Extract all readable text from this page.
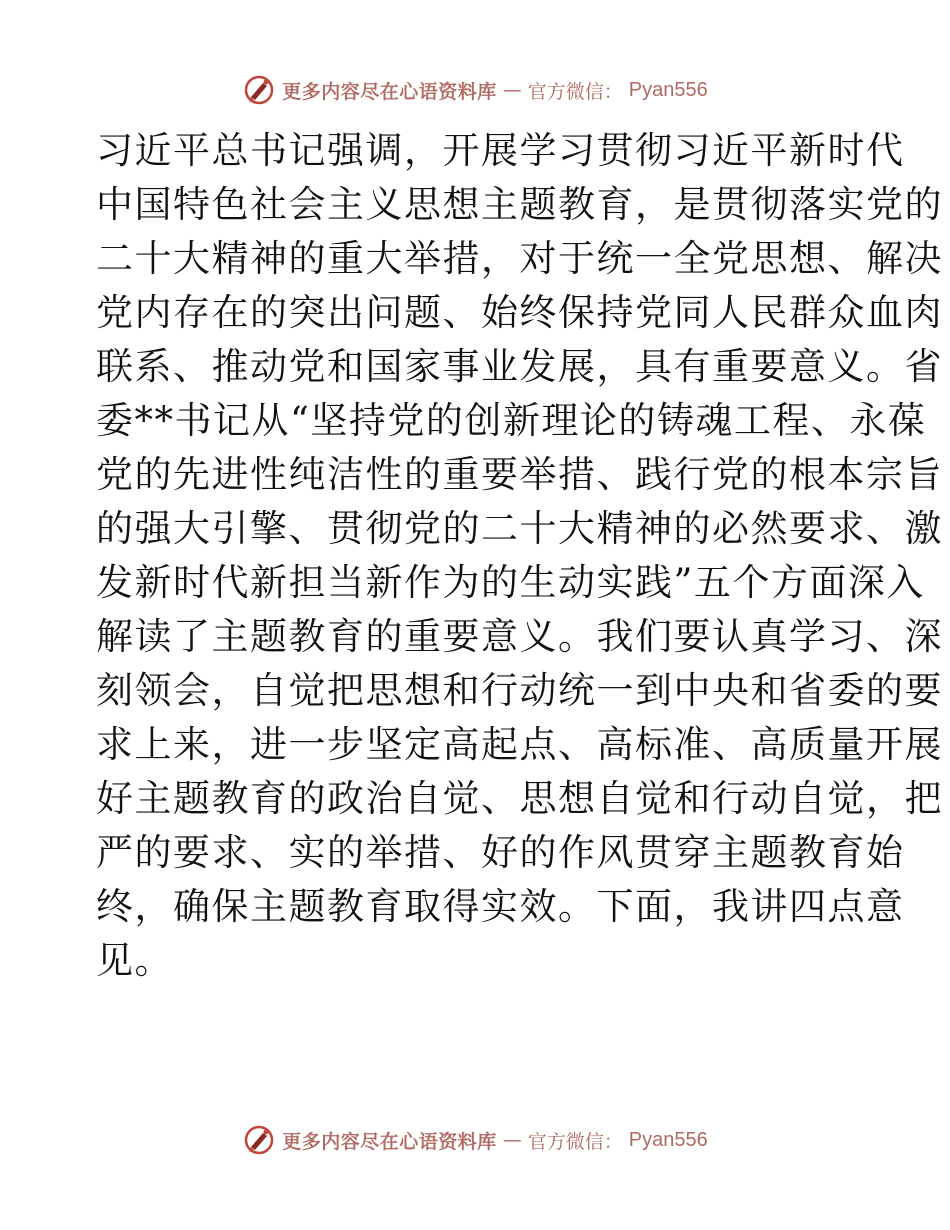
更多内容尽在心语资料库 — 官方微信： Pyan556
习近平总书记强调，开展学习贯彻习近平新时代
中国特色社会主义思想主题教育，是贯彻落实党的
二十大精神的重大举措，对于统一全党思想、解决
党内存在的突出问题、始终保持党同人民群众血肉
联系、推动党和国家事业发展，具有重要意义。省
委**书记从“坚持党的创新理论的铸魂工程、永葆
党的先进性纯洁性的重要举措、践行党的根本宗旨
的强大引擎、贯彻党的二十大精神的必然要求、激
发新时代新担当新作为的生动实践”五个方面深入
解读了主题教育的重要意义。我们要认真学习、深
刻领会，自觉把思想和行动统一到中央和省委的要
求上来，进一步坚定高起点、高标准、高质量开展
好主题教育的政治自觉、思想自觉和行动自觉，把
严的要求、实的举措、好的作风贯穿主题教育始
终，确保主题教育取得实效。下面，我讲四点意
见。
更多内容尽在心语资料库 — 官方微信： Pyan556
